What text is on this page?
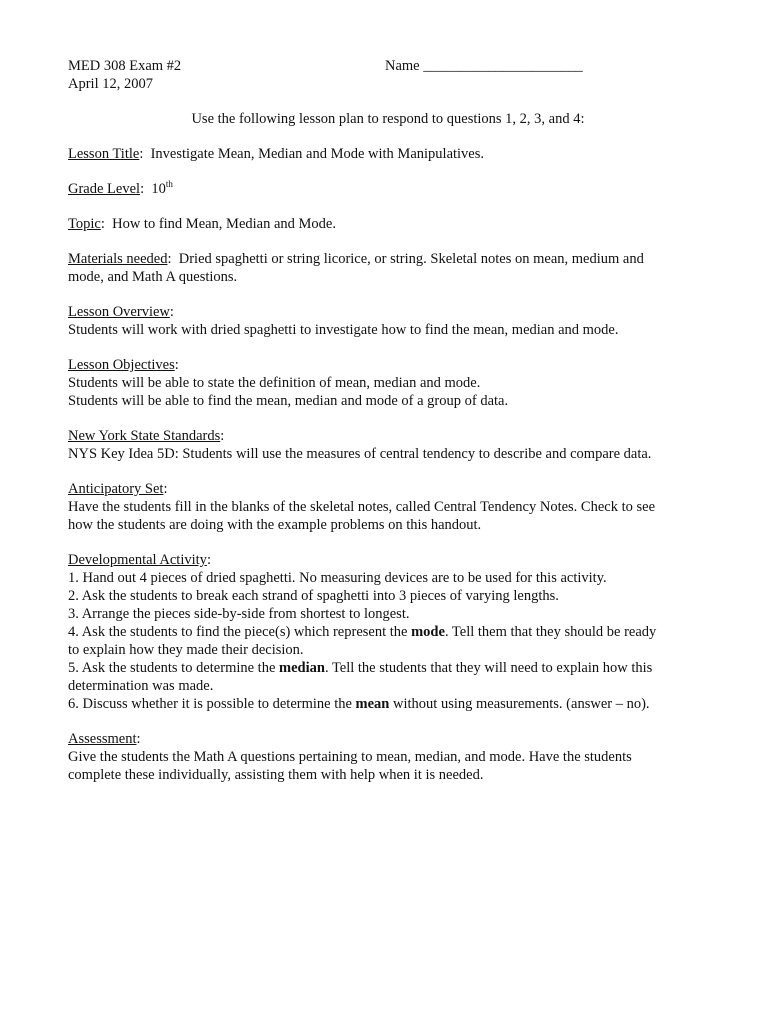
MED 308 Exam #2	Name ______________________
April 12, 2007
Use the following lesson plan to respond to questions 1, 2, 3, and 4:
Lesson Title:  Investigate Mean, Median and Mode with Manipulatives.
Grade Level:  10th
Topic:  How to find Mean, Median and Mode.
Materials needed:  Dried spaghetti or string licorice, or string. Skeletal notes on mean, medium and
mode, and Math A questions.
Lesson Overview:
Students will work with dried spaghetti to investigate how to find the mean, median and mode.
Lesson Objectives:
Students will be able to state the definition of mean, median and mode.
Students will be able to find the mean, median and mode of a group of data.
New York State Standards:
NYS Key Idea 5D: Students will use the measures of central tendency to describe and compare data.
Anticipatory Set:
Have the students fill in the blanks of the skeletal notes, called Central Tendency Notes. Check to see
how the students are doing with the example problems on this handout.
Developmental Activity:
1. Hand out 4 pieces of dried spaghetti. No measuring devices are to be used for this activity.
2. Ask the students to break each strand of spaghetti into 3 pieces of varying lengths.
3. Arrange the pieces side-by-side from shortest to longest.
4. Ask the students to find the piece(s) which represent the mode. Tell them that they should be ready
to explain how they made their decision.
5. Ask the students to determine the median. Tell the students that they will need to explain how this
determination was made.
6. Discuss whether it is possible to determine the mean without using measurements. (answer – no).
Assessment:
Give the students the Math A questions pertaining to mean, median, and mode. Have the students
complete these individually, assisting them with help when it is needed.
